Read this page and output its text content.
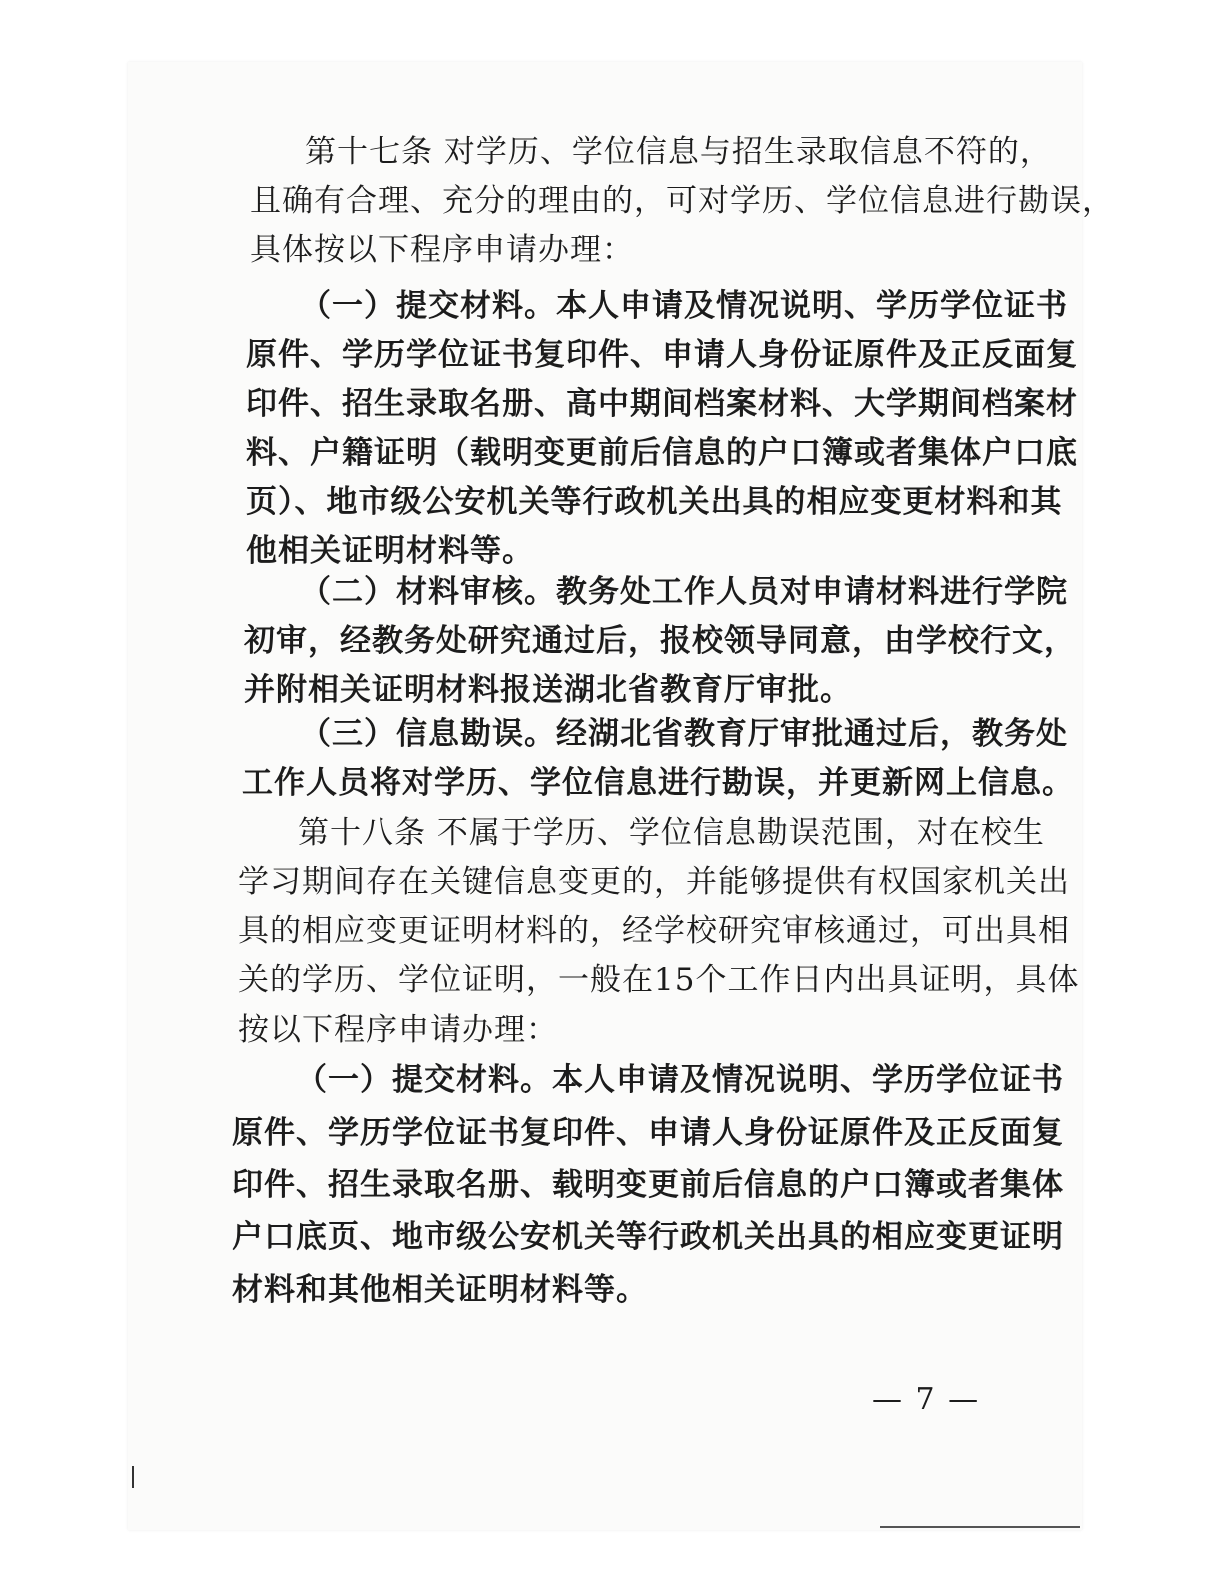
第十七条 对学历、学位信息与招生录取信息不符的，
且确有合理、充分的理由的，可对学历、学位信息进行勘误，
具体按以下程序申请办理：
（一）提交材料。本人申请及情况说明、学历学位证书
原件、学历学位证书复印件、申请人身份证原件及正反面复
印件、招生录取名册、高中期间档案材料、大学期间档案材
料、户籍证明（载明变更前后信息的户口簿或者集体户口底
页）、地市级公安机关等行政机关出具的相应变更材料和其
他相关证明材料等。
（二）材料审核。教务处工作人员对申请材料进行学院
初审，经教务处研究通过后，报校领导同意，由学校行文，
并附相关证明材料报送湖北省教育厅审批。
（三）信息勘误。经湖北省教育厅审批通过后，教务处
工作人员将对学历、学位信息进行勘误，并更新网上信息。
第十八条 不属于学历、学位信息勘误范围，对在校生
学习期间存在关键信息变更的，并能够提供有权国家机关出
具的相应变更证明材料的，经学校研究审核通过，可出具相
关的学历、学位证明，一般在15个工作日内出具证明，具体
按以下程序申请办理：
（一）提交材料。本人申请及情况说明、学历学位证书
原件、学历学位证书复印件、申请人身份证原件及正反面复
印件、招生录取名册、载明变更前后信息的户口簿或者集体
户口底页、地市级公安机关等行政机关出具的相应变更证明
材料和其他相关证明材料等。
— 7 —
